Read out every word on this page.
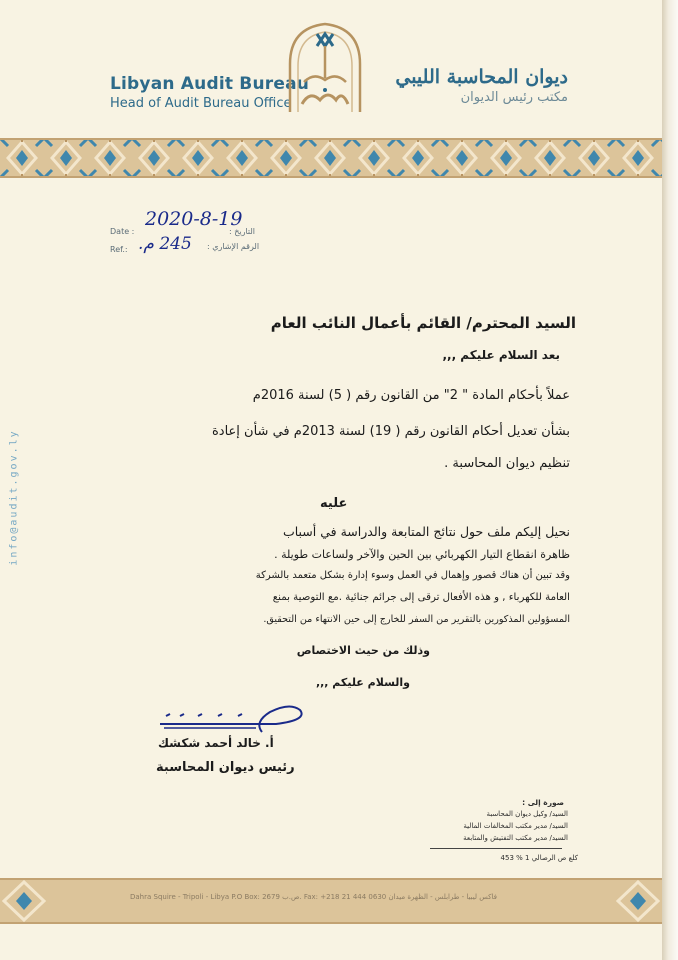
Libyan Audit Bureau
Head of Audit Bureau Office
ديوان المحاسبة الليبي
مكتب رئيس الديوان
info@audit.gov.ly
Date :	التاريخ :
2020-8-19
Ref.:	الرقم الإشاري :
245 م.
السيد المحترم/ القائم بأعمال النائب العام
بعد السلام عليكم ,,,
عملاً بأحكام المادة " 2" من القانون رقم ( 5) لسنة 2016م
بشأن تعديل أحكام القانون رقم ( 19) لسنة 2013م في شأن إعادة
تنظيم ديوان المحاسبة .
عليه
نحيل إليكم ملف حول نتائج المتابعة والدراسة في أسباب
ظاهرة انقطاع التيار الكهربائي بين الحين والآخر ولساعات طويلة .
وقد تبين أن هناك قصور وإهمال في العمل وسوء إدارة بشكل متعمد بالشركة
العامة للكهرباء , و هذه الأفعال ترقى إلى جرائم جنائية .مع التوصية بمنع
المسؤولين المذكورين بالتقرير من السفر للخارج إلى حين الانتهاء من التحقيق.
وذلك من حيث الاختصاص
والسلام عليكم ,,,
أ. خالد أحمد شكشك
رئيس ديوان المحاسبة
صورة إلى :
السيد/ وكيل ديوان المحاسبة
السيد/ مدير مكتب المخالفات المالية
السيد/ مدير مكتب التفتيش والمتابعة
كلع ص الرصالي 1 % 453
Dahra Squire - Tripoli - Libya P.O Box: 2679 ص.ب. Fax: +218 21 444 0630 فاكس ليبيا - طرابلس - الظهرة ميدان
